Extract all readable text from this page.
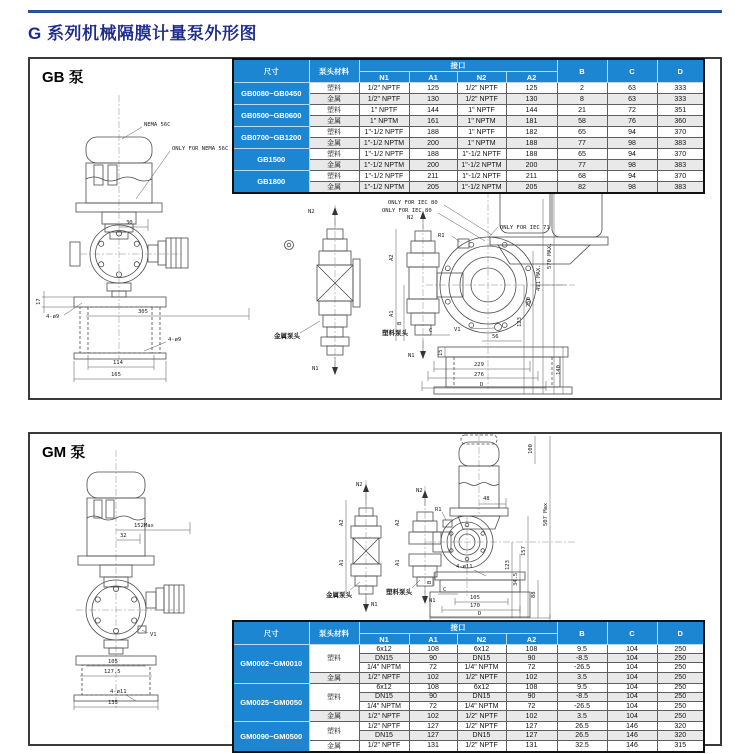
G 系列机械隔膜计量泵外形图
GB 泵
NEMA 56C
ONLY FOR NEMA 56C
30
17
4-ø9
305
114
165
4-ø9
N2
N1
金属泵头
N2
N1
R1
V1
56
ONLY FOR IEC 80
ONLY FOR IEC 80
ONLY FOR IEC 71
塑料泵头	C
15
229
276
D
A2
A1
B	123
250
491 MAX.
570 MAX.
140
尺寸	泵头材料	接口				B	C	D
		N1	A1	N2	A2			
GB0080~GB0450	塑料	1/2" NPTF	125	1/2" NPTF	125	2	63	333
	金属	1/2" NPTF	130	1/2" NPTF	130	8	63	333
GB0500~GB0600	塑料	1" NPTF	144	1" NPTF	144	21	72	351
	金属	1" NPTM	161	1" NPTM	181	58	76	360
GB0700~GB1200	塑料	1"-1/2 NPTF	188	1" NPTF	182	65	94	370
	金属	1"-1/2 NPTM	200	1" NPTM	188	77	98	383
GB1500	塑料	1"-1/2 NPTF	188	1"-1/2 NPTF	188	65	94	370
	金属	1"-1/2 NPTM	200	1"-1/2 NPTM	200	77	98	383
GB1800	塑料	1"-1/2 NPTF	211	1"-1/2 NPTF	211	68	94	370
	金属	1"-1/2 NPTM	205	1"-1/2 NPTM	205	82	98	383
GM 泵
152Max
32
V1
105
127.5
4-ø11
135
N2
N1
A2
A1
金属泵头
N2
N1
R1
48
A2
A1
B
C
塑料泵头
4-ø11
100
507 Max
157
34.5
123
88
105
170
D
尺寸	泵头材料	接口				B	C	D
		N1	A1	N2	A2			
GM0002~GM0010	塑料	6x12	108	6x12	108	9.5	104	250
		DN15	90	DN15	90	-8.5	104	250
		1/4" NPTM	72	1/4" NPTM	72	-26.5	104	250
	金属	1/2" NPTF	102	1/2" NPTF	102	3.5	104	250
GM0025~GM0050	塑料	6x12	108	6x12	108	9.5	104	250
		DN15	90	DN15	90	-8.5	104	250
		1/4" NPTM	72	1/4" NPTM	72	-26.5	104	250
	金属	1/2" NPTF	102	1/2" NPTF	102	3.5	104	250
GM0090~GM0500	塑料	1/2" NPTF	127	1/2" NPTF	127	26.5	146	320
		DN15	127	DN15	127	26.5	146	320
	金属	1/2" NPTF	131	1/2" NPTF	131	32.5	146	315
